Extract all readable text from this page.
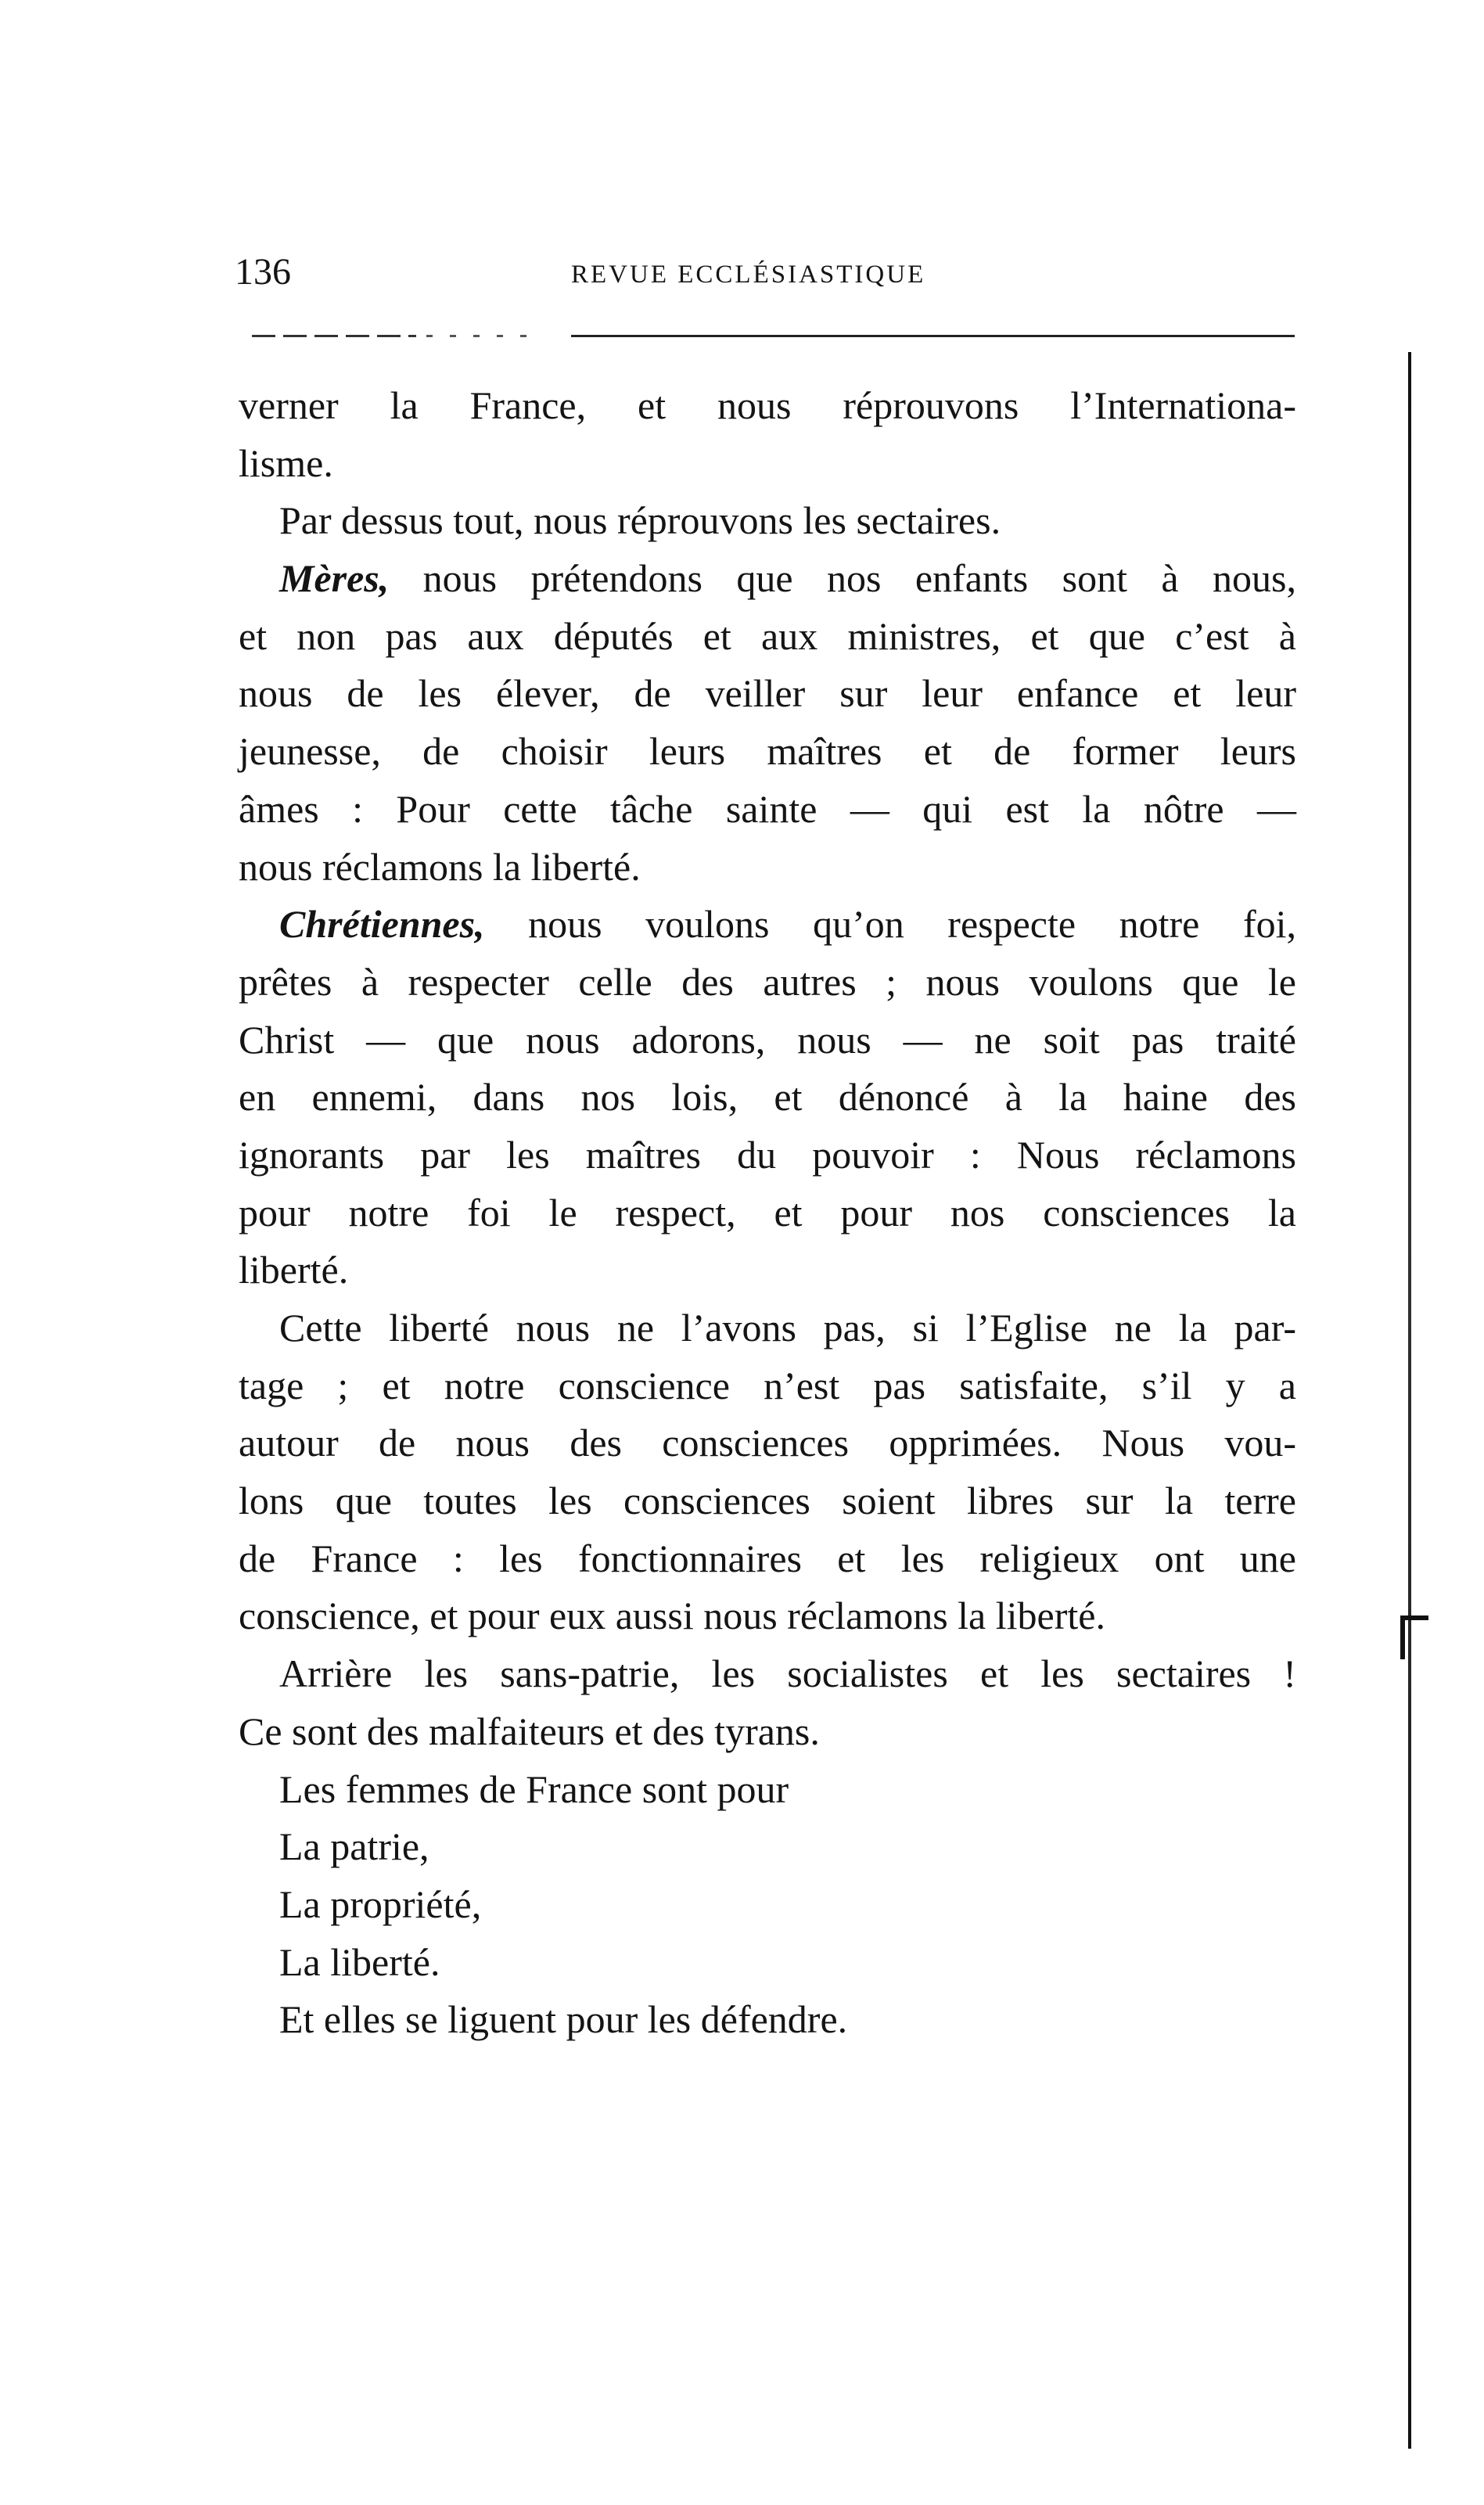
136	REVUE ECCLÉSIASTIQUE
verner la France, et nous réprouvons l’Internationa-
lisme.
Par dessus tout, nous réprouvons les sectaires.
Mères, nous prétendons que nos enfants sont à nous,
et non pas aux députés et aux ministres, et que c’est à
nous de les élever, de veiller sur leur enfance et leur
jeunesse, de choisir leurs maîtres et de former leurs
âmes : Pour cette tâche sainte — qui est la nôtre —
nous réclamons la liberté.
Chrétiennes, nous voulons qu’on respecte notre foi,
prêtes à respecter celle des autres ; nous voulons que le
Christ — que nous adorons, nous — ne soit pas traité
en ennemi, dans nos lois, et dénoncé à la haine des
ignorants par les maîtres du pouvoir : Nous réclamons
pour notre foi le respect, et pour nos consciences la
liberté.
Cette liberté nous ne l’avons pas, si l’Eglise ne la par-
tage ; et notre conscience n’est pas satisfaite, s’il y a
autour de nous des consciences opprimées. Nous vou-
lons que toutes les consciences soient libres sur la terre
de France : les fonctionnaires et les religieux ont une
conscience, et pour eux aussi nous réclamons la liberté.
Arrière les sans-patrie, les socialistes et les sectaires !
Ce sont des malfaiteurs et des tyrans.
Les femmes de France sont pour
La patrie,
La propriété,
La liberté.
Et elles se liguent pour les défendre.
